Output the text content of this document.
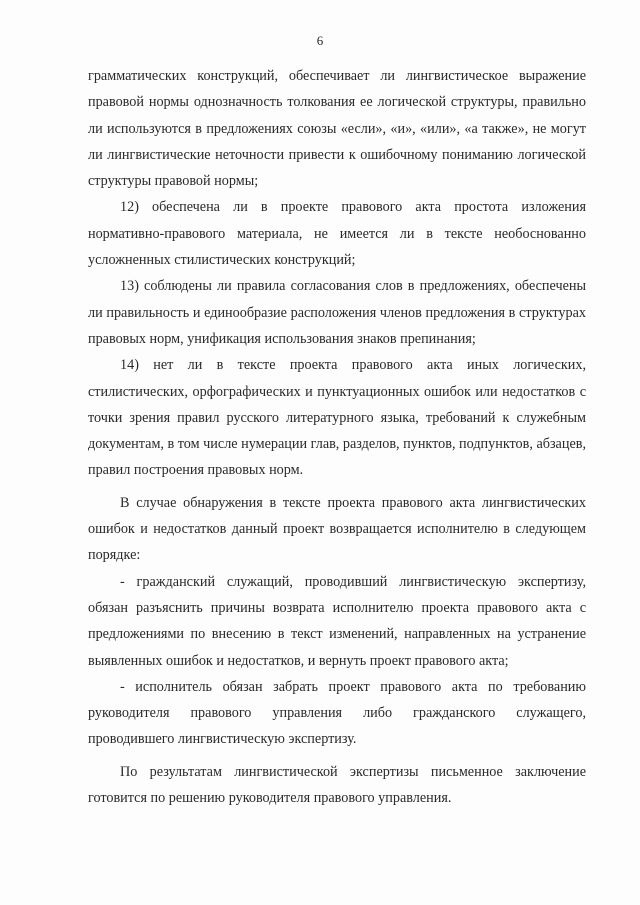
6

грамматических конструкций, обеспечивает ли лингвистическое выражение правовой нормы однозначность толкования ее логической структуры, правильно ли используются в предложениях союзы «если», «и», «или», «а также», не могут ли лингвистические неточности привести к ошибочному пониманию логической структуры правовой нормы;

12) обеспечена ли в проекте правового акта простота изложения нормативно-правового материала, не имеется ли в тексте необоснованно усложненных стилистических конструкций;

13) соблюдены ли правила согласования слов в предложениях, обеспечены ли правильность и единообразие расположения членов предложения в структурах правовых норм, унификация использования знаков препинания;

14) нет ли в тексте проекта правового акта иных логических, стилистических, орфографических и пунктуационных ошибок или недостатков с точки зрения правил русского литературного языка, требований к служебным документам, в том числе нумерации глав, разделов, пунктов, подпунктов, абзацев, правил построения правовых норм.

В случае обнаружения в тексте проекта правового акта лингвистических ошибок и недостатков данный проект возвращается исполнителю в следующем порядке:

- гражданский служащий, проводивший лингвистическую экспертизу, обязан разъяснить причины возврата исполнителю проекта правового акта с предложениями по внесению в текст изменений, направленных на устранение выявленных ошибок и недостатков, и вернуть проект правового акта;

- исполнитель обязан забрать проект правового акта по требованию руководителя правового управления либо гражданского служащего, проводившего лингвистическую экспертизу.

По результатам лингвистической экспертизы письменное заключение готовится по решению руководителя правового управления.
